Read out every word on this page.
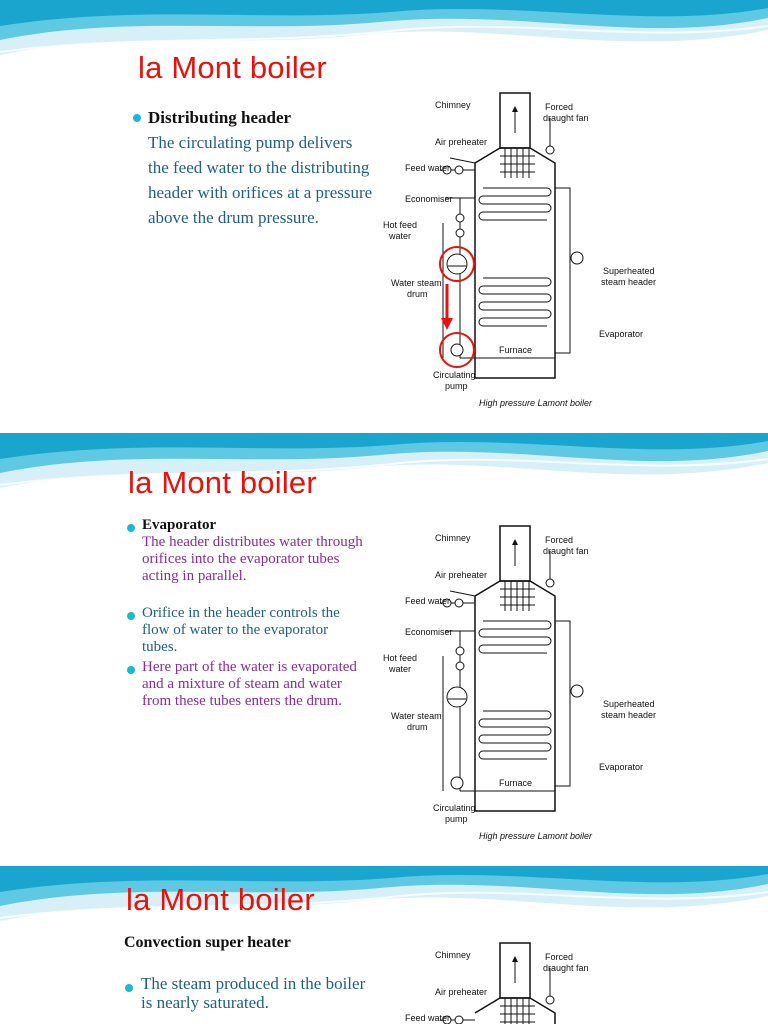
la Mont boiler
Distributing header
The circulating pump delivers the feed water to the distributing header with orifices at a pressure above the drum pressure.
Chimney	Forced
draught fan
Air preheater
Feed water
Economiser
Hot feed
water
Water steam
drum
Superheated
steam header
Evaporator
Furnace
Circulating
pump
High pressure Lamont boiler
la Mont boiler
Evaporator
The header distributes water through orifices into the evaporator tubes acting in parallel.
Orifice in the header controls the flow of water to the evaporator tubes.
Here part of the water is evaporated and a mixture of steam and water from these tubes enters the drum.
Chimney	Forced
draught fan
Air preheater
Feed water
Economiser
Hot feed
water
Water steam
drum
Superheated
steam header
Evaporator
Furnace
Circulating
pump
High pressure Lamont boiler
la Mont boiler
Convection super heater
The steam produced in the boiler is nearly saturated.
Chimney	Forced
draught fan
Air preheater
Feed water
